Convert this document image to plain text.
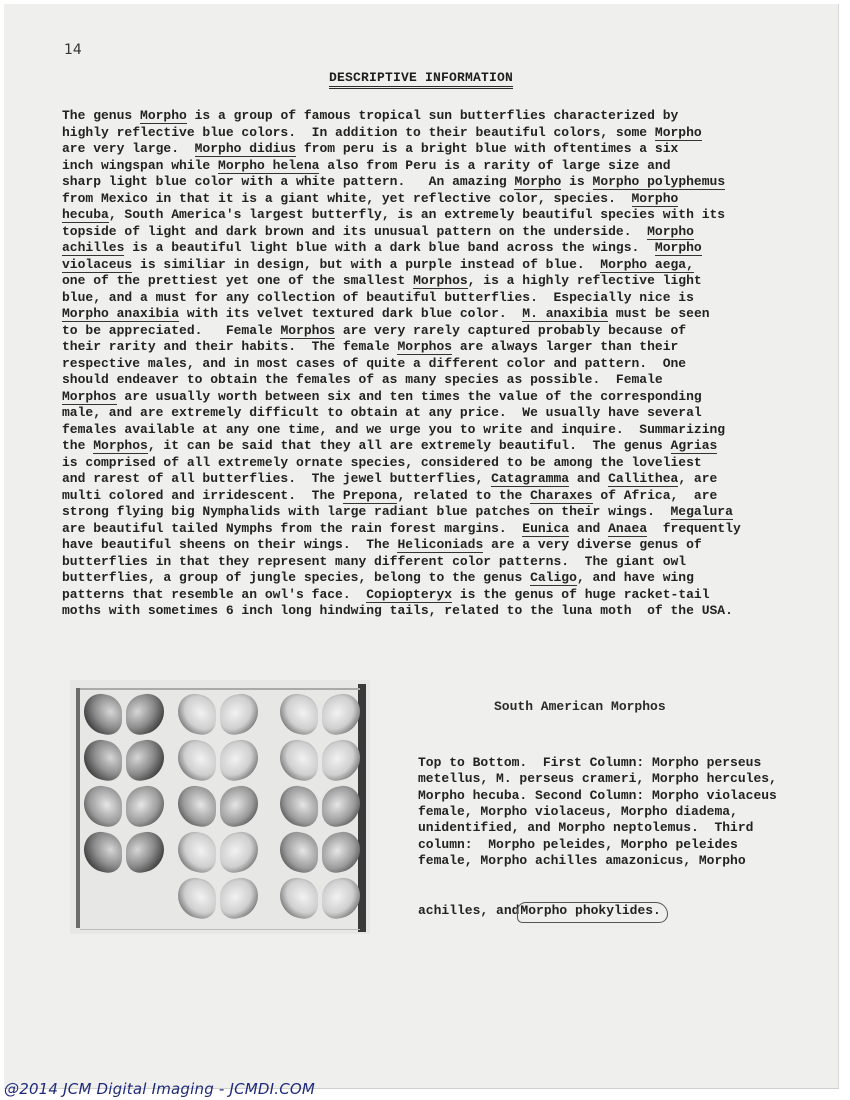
14
DESCRIPTIVE INFORMATION
The genus Morpho is a group of famous tropical sun butterflies characterized by
highly reflective blue colors.  In addition to their beautiful colors, some Morpho
are very large.  Morpho didius from peru is a bright blue with oftentimes a six
inch wingspan while Morpho helena also from Peru is a rarity of large size and
sharp light blue color with a white pattern.   An amazing Morpho is Morpho polyphemus
from Mexico in that it is a giant white, yet reflective color, species.  Morpho
hecuba, South America's largest butterfly, is an extremely beautiful species with its
topside of light and dark brown and its unusual pattern on the underside.  Morpho
achilles is a beautiful light blue with a dark blue band across the wings.  Morpho
violaceus is similiar in design, but with a purple instead of blue.  Morpho aega,
one of the prettiest yet one of the smallest Morphos, is a highly reflective light
blue, and a must for any collection of beautiful butterflies.  Especially nice is
Morpho anaxibia with its velvet textured dark blue color.  M. anaxibia must be seen
to be appreciated.   Female Morphos are very rarely captured probably because of
their rarity and their habits.  The female Morphos are always larger than their
respective males, and in most cases of quite a different color and pattern.  One
should endeaver to obtain the females of as many species as possible.  Female
Morphos are usually worth between six and ten times the value of the corresponding
male, and are extremely difficult to obtain at any price.  We usually have several
females available at any one time, and we urge you to write and inquire.  Summarizing
the Morphos, it can be said that they all are extremely beautiful.  The genus Agrias
is comprised of all extremely ornate species, considered to be among the loveliest
and rarest of all butterflies.  The jewel butterflies, Catagramma and Callithea, are
multi colored and irridescent.  The Prepona, related to the Charaxes of Africa,  are
strong flying big Nymphalids with large radiant blue patches on their wings.  Megalura
are beautiful tailed Nymphs from the rain forest margins.  Eunica and Anaea  frequently
have beautiful sheens on their wings.  The Heliconiads are a very diverse genus of
butterflies in that they represent many different color patterns.  The giant owl
butterflies, a group of jungle species, belong to the genus Caligo, and have wing
patterns that resemble an owl's face.  Copiopteryx is the genus of huge racket-tail
moths with sometimes 6 inch long hindwing tails, related to the luna moth  of the USA.
South American Morphos

Top to Bottom.  First Column: Morpho perseus
metellus, M. perseus crameri, Morpho hercules,
Morpho hecuba. Second Column: Morpho violaceus
female, Morpho violaceus, Morpho diadema,
unidentified, and Morpho neptolemus.  Third
column:  Morpho peleides, Morpho peleides
female, Morpho achilles amazonicus, Morpho

achilles, andMorpho phokylides.

@2014 JCM Digital Imaging - JCMDI.COM
